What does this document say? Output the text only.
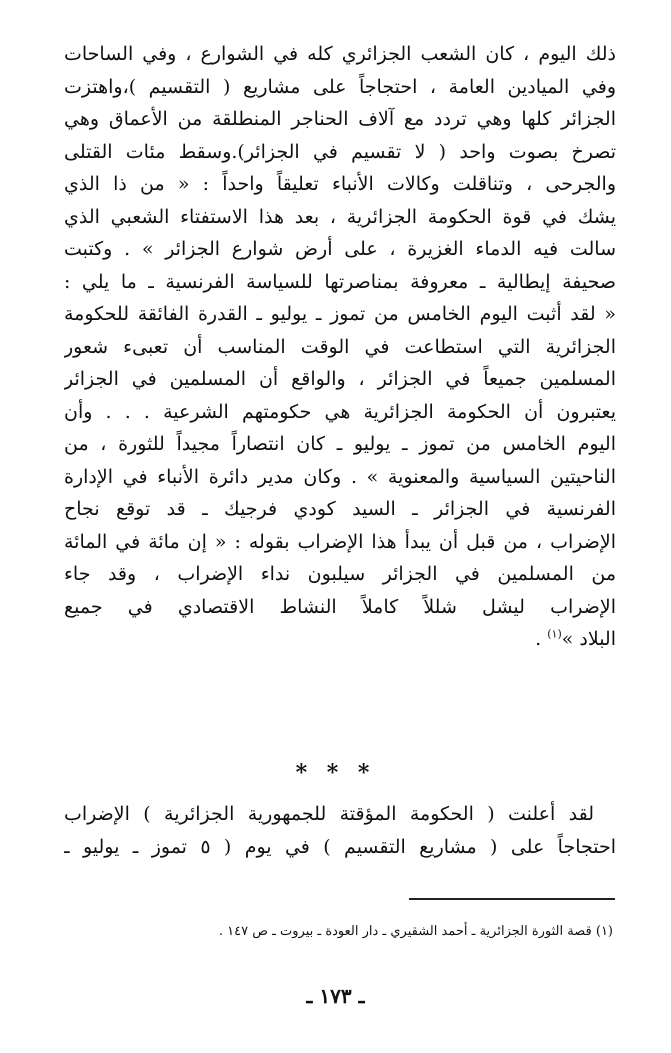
ذلك اليوم ، كان الشعب الجزائري كله في الشوارع ، وفي الساحات
وفي الميادين العامة ، احتجاجاً على مشاريع ( التقسيم )،واهتزت
الجزائر كلها وهي تردد مع آلاف الحناجر المنطلقة من الأعماق وهي
تصرخ بصوت واحد ( لا تقسيم في الجزائر).وسقط مئات القتلى
والجرحى ، وتناقلت وكالات الأنباء تعليقاً واحداً : « من ذا الذي
يشك في قوة الحكومة الجزائرية ، بعد هذا الاستفتاء الشعبي الذي
سالت فيه الدماء الغزيرة ، على أرض شوارع الجزائر » . وكتبت
صحيفة إيطالية ـ معروفة بمناصرتها للسياسة الفرنسية ـ ما يلي :
« لقد أثبت اليوم الخامس من تموز ـ يوليو ـ القدرة الفائقة للحكومة
الجزائرية التي استطاعت في الوقت المناسب أن تعبىء شعور
المسلمين جميعاً في الجزائر ، والواقع أن المسلمين في الجزائر
يعتبرون أن الحكومة الجزائرية هي حكومتهم الشرعية . . . وأن
اليوم الخامس من تموز ـ يوليو ـ كان انتصاراً مجيداً للثورة ، من
الناحيتين السياسية والمعنوية » . وكان مدير دائرة الأنباء في الإدارة
الفرنسية في الجزائر ـ السيد كودي فرجيك ـ قد توقع نجاح
الإضراب ، من قبل أن يبدأ هذا الإضراب بقوله : « إن مائة في المائة
من المسلمين في الجزائر سيلبون نداء الإضراب ، وقد جاء
الإضراب ليشل شللاً كاملاً النشاط الاقتصادي في جميع
البلاد »$^{(١)}$ .
* * *
لقد أعلنت ( الحكومة المؤقتة للجمهورية الجزائرية ) الإضراب
احتجاجاً على ( مشاريع التقسيم ) في يوم ( ٥ تموز ـ يوليو ـ
(١) قصة الثورة الجزائرية ـ أحمد الشقيري ـ دار العودة ـ بيروت ـ ص ١٤٧ .
ـ ١٧٣ ـ
